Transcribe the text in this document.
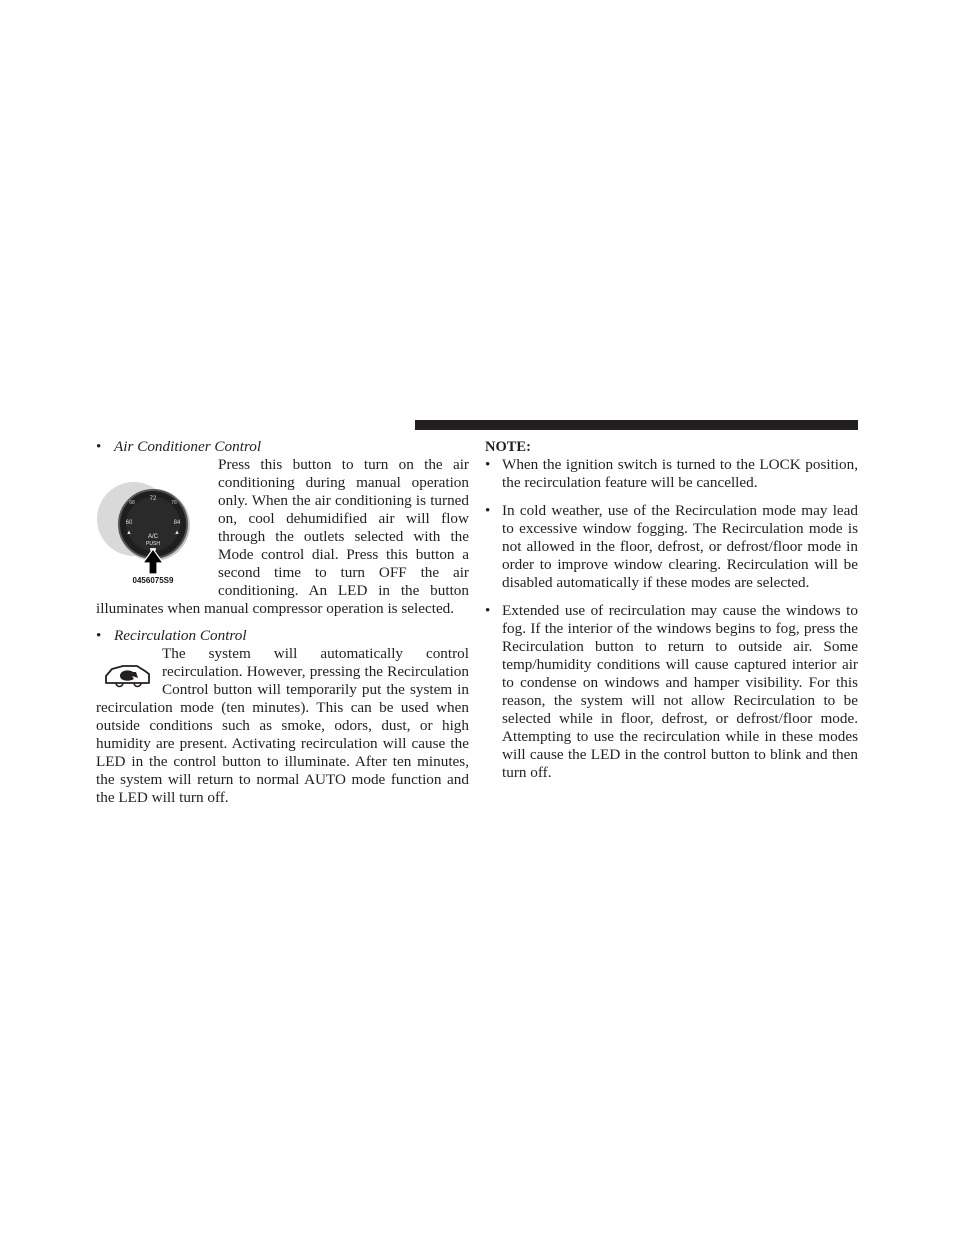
• Air Conditioner Control
72
68	76
60	84
▲	▲
A/C
PUSH
0456075S9

Press this button to turn on the air conditioning during manual operation only. When the air conditioning is turned on, cool dehumidified air will flow through the outlets selected with the Mode control dial. Press this button a second time to turn OFF the air conditioning. An LED in the button illuminates when manual compressor operation is selected.

• Recirculation Control

The system will automatically control recirculation. However, pressing the Recirculation Control button will temporarily put the system in recirculation mode (ten minutes). This can be used when outside conditions such as smoke, odors, dust, or high humidity are present. Activating recirculation will cause the LED in the control button to illuminate. After ten minutes, the system will return to normal AUTO mode function and the LED will turn off.

NOTE:

• When the ignition switch is turned to the LOCK position, the recirculation feature will be cancelled.

• In cold weather, use of the Recirculation mode may lead to excessive window fogging. The Recirculation mode is not allowed in the floor, defrost, or defrost/floor mode in order to improve window clearing. Recirculation will be disabled automatically if these modes are selected.

• Extended use of recirculation may cause the windows to fog. If the interior of the windows begins to fog, press the Recirculation button to return to outside air. Some temp/humidity conditions will cause captured interior air to condense on windows and hamper visibility. For this reason, the system will not allow Recirculation to be selected while in floor, defrost, or defrost/floor mode. Attempting to use the recirculation while in these modes will cause the LED in the control button to blink and then turn off.
